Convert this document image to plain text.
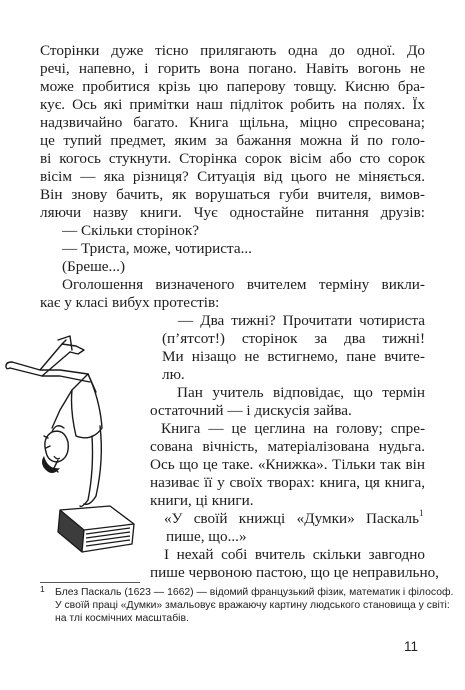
Сторінки дуже тісно прилягають одна до одної. До
речі, напевно, і горить вона погано. Навіть вогонь не
може пробитися крізь цю паперову товщу. Кисню бра-
кує. Ось які примітки наш підліток робить на полях. Їх
надзвичайно багато. Книга щільна, міцно спресована;
це тупий предмет, яким за бажання можна й по голо-
ві когось стукнути. Сторінка сорок вісім або сто сорок
вісім — яка різниця? Ситуація від цього не міняється.
Він знову бачить, як ворушаться губи вчителя, вимов-
ляючи назву книги. Чує одностайне питання друзів:
— Скільки сторінок?
— Триста, може, чотириста...
(Бреше...)
Оголошення визначеного вчителем терміну викли-
кає у класі вибух протестів:
— Два тижні? Прочитати чотириста
(п’ятсот!) сторінок за два тижні!
Ми нізащо не встигнемо, пане вчите-
лю.
Пан учитель відповідає, що термін
остаточний — і дискусія зайва.
Книга — це цеглина на голову; спре-
сована вічність, матеріалізована нудьга.
Ось що це таке. «Книжка». Тільки так він
називає її у своїх творах: книга, ця книга,
книги, ці книги.
«У своїй книжці «Думки» Паскаль 1
пише, що...»
І нехай собі вчитель скільки завгодно
пише червоною пастою, що це неправильно,
1 Блез Паскаль (1623 — 1662) — відомий французький фізик, математик і філософ.
У своїй праці «Думки» змальовує вражаючу картину людського становища у світі:
на тлі космічних масштабів.
11
